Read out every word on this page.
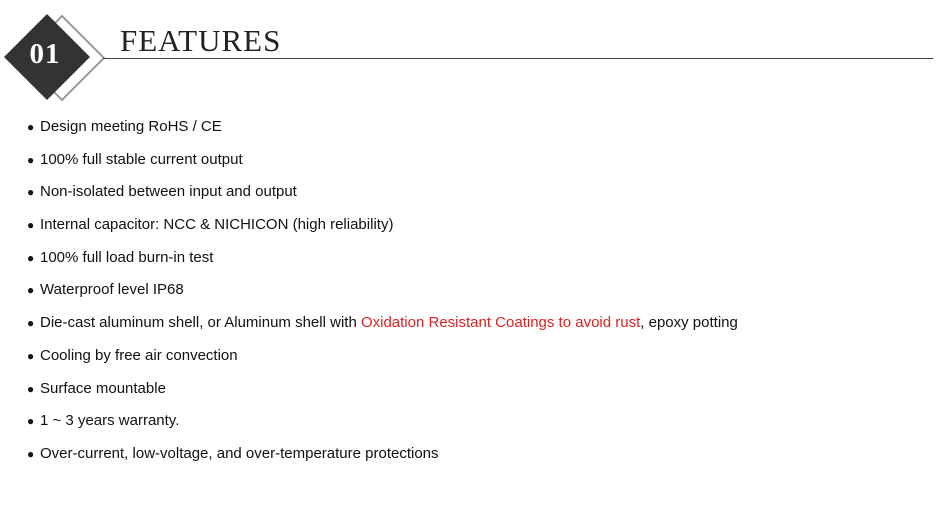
01	FEATURES
● Design meeting RoHS / CE
● 100% full stable current output
● Non-isolated between input and output
● Internal capacitor: NCC & NICHICON (high reliability)
● 100% full load burn-in test
● Waterproof level IP68
● Die-cast aluminum shell, or Aluminum shell with Oxidation Resistant Coatings to avoid rust, epoxy potting
● Cooling by free air convection
● Surface mountable
● 1 ~ 3 years warranty.
● Over-current, low-voltage, and over-temperature protections
